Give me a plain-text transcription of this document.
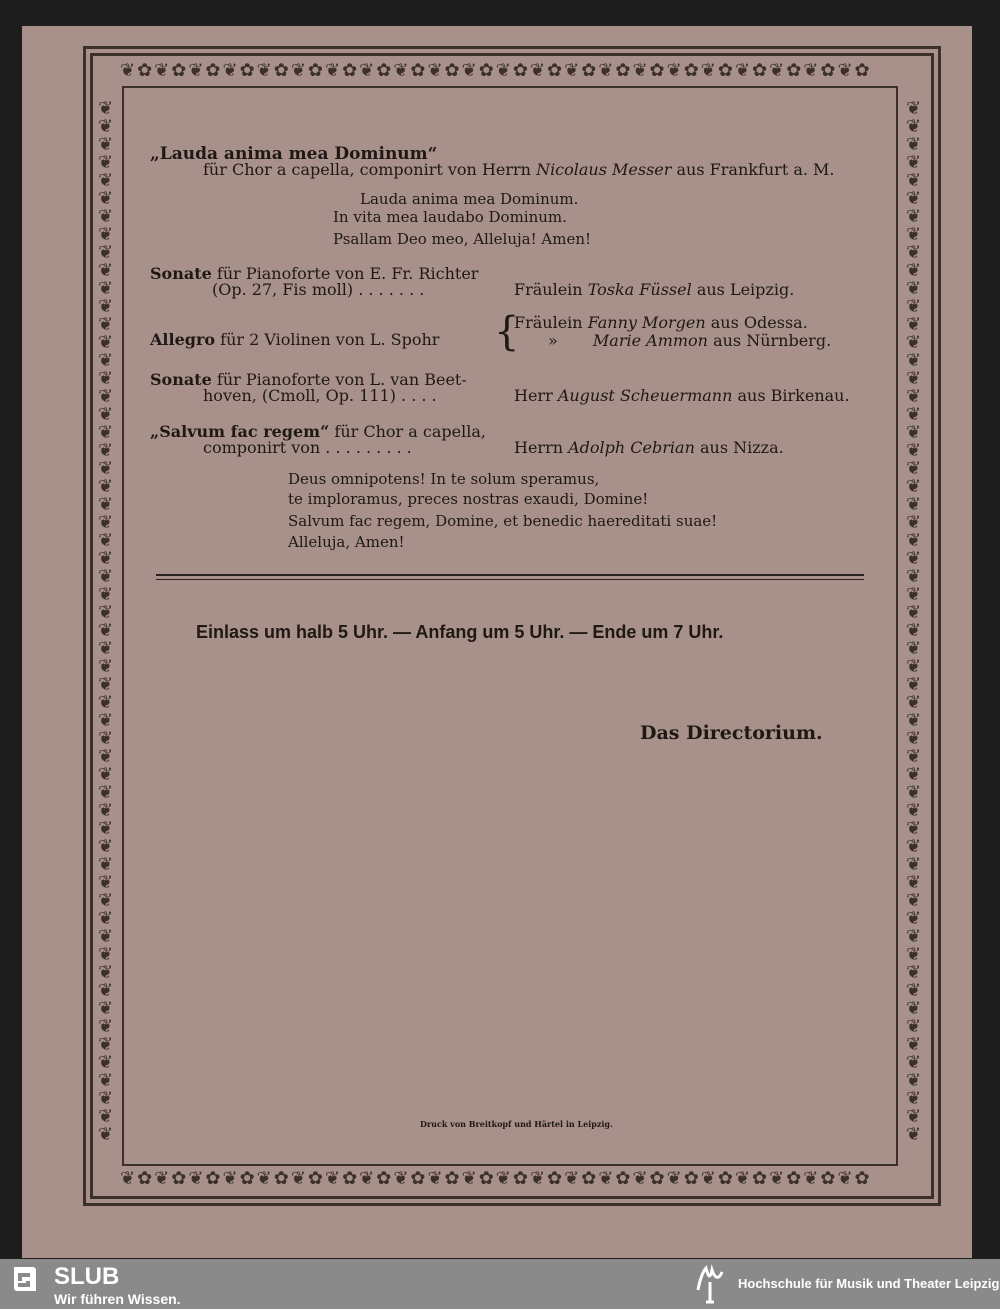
❦✿❦✿❦✿❦✿❦✿❦✿❦✿❦✿❦✿❦✿❦✿❦✿❦✿❦✿❦✿❦✿❦✿❦✿❦✿❦✿❦✿❦✿
❦✿❦✿❦✿❦✿❦✿❦✿❦✿❦✿❦✿❦✿❦✿❦✿❦✿❦✿❦✿❦✿❦✿❦✿❦✿❦✿❦✿❦✿
❦❦❦❦❦❦❦❦❦❦❦❦❦❦❦❦❦❦❦❦❦❦❦❦❦❦❦❦❦❦❦❦❦❦❦❦❦❦❦❦❦❦❦❦❦❦❦❦❦❦❦❦❦❦❦❦❦❦
❦❦❦❦❦❦❦❦❦❦❦❦❦❦❦❦❦❦❦❦❦❦❦❦❦❦❦❦❦❦❦❦❦❦❦❦❦❦❦❦❦❦❦❦❦❦❦❦❦❦❦❦❦❦❦❦❦❦
„Lauda anima mea Dominum“
für Chor a capella, componirt von Herrn Nicolaus Messer aus Frankfurt a. M.
Lauda anima mea Dominum.
In vita mea laudabo Dominum.
Psallam Deo meo, Alleluja! Amen!
Sonate für Pianoforte von E. Fr. Richter
(Op. 27, Fis moll) . . . . . . .	Fräulein Toska Füssel aus Leipzig.
Allegro für 2 Violinen von L. Spohr {
Fräulein Fanny Morgen aus Odessa.
» Marie Ammon aus Nürnberg.
Sonate für Pianoforte von L. van Beet-
hoven, (Cmoll, Op. 111) . . . .	Herr August Scheuermann aus Birkenau.
„Salvum fac regem“ für Chor a capella,
componirt von . . . . . . . . .	Herrn Adolph Cebrian aus Nizza.
Deus omnipotens! In te solum speramus,
te imploramus, preces nostras exaudi, Domine!
Salvum fac regem, Domine, et benedic haereditati suae!
Alleluja, Amen!
Einlass um halb 5 Uhr. — Anfang um 5 Uhr. — Ende um 7 Uhr.
Das Directorium.
Druck von Breitkopf und Härtel in Leipzig.
SLUB
Wir führen Wissen.
Hochschule für Musik und Theater Leipzig
